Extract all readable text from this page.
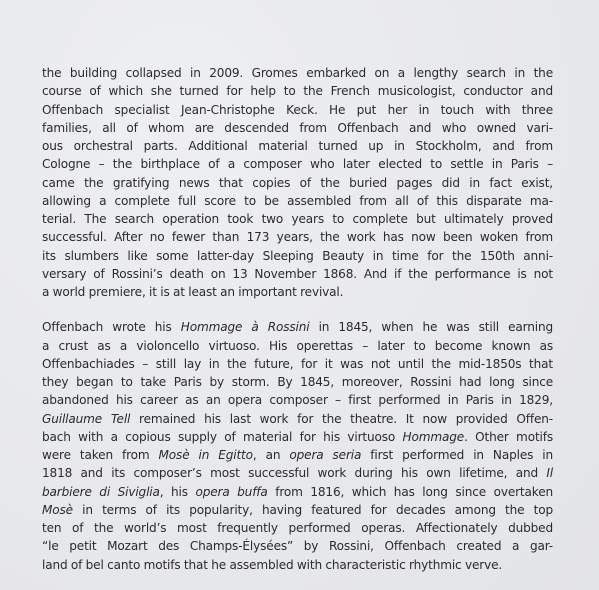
the building collapsed in 2009. Gromes embarked on a lengthy search in the
course of which she turned for help to the French musicologist, conductor and
Offenbach specialist Jean-Christophe Keck. He put her in touch with three
families, all of whom are descended from Offenbach and who owned vari-
ous orchestral parts. Additional material turned up in Stockholm, and from
Cologne – the birthplace of a composer who later elected to settle in Paris –
came the gratifying news that copies of the buried pages did in fact exist,
allowing a complete full score to be assembled from all of this disparate ma-
terial. The search operation took two years to complete but ultimately proved
successful. After no fewer than 173 years, the work has now been woken from
its slumbers like some latter-day Sleeping Beauty in time for the 150th anni-
versary of Rossini’s death on 13 November 1868. And if the performance is not
a world premiere, it is at least an important revival.

Offenbach wrote his Hommage à Rossini in 1845, when he was still earning
a crust as a violoncello virtuoso. His operettas – later to become known as
Offenbachiades – still lay in the future, for it was not until the mid-1850s that
they began to take Paris by storm. By 1845, moreover, Rossini had long since
abandoned his career as an opera composer – first performed in Paris in 1829,
Guillaume Tell remained his last work for the theatre. It now provided Offen-
bach with a copious supply of material for his virtuoso Hommage. Other motifs
were taken from Mosè in Egitto, an opera seria first performed in Naples in
1818 and its composer’s most successful work during his own lifetime, and Il
barbiere di Siviglia, his opera buffa from 1816, which has long since overtaken
Mosè in terms of its popularity, having featured for decades among the top
ten of the world’s most frequently performed operas. Affectionately dubbed
“le petit Mozart des Champs-Élysées” by Rossini, Offenbach created a gar-
land of bel canto motifs that he assembled with characteristic rhythmic verve.
